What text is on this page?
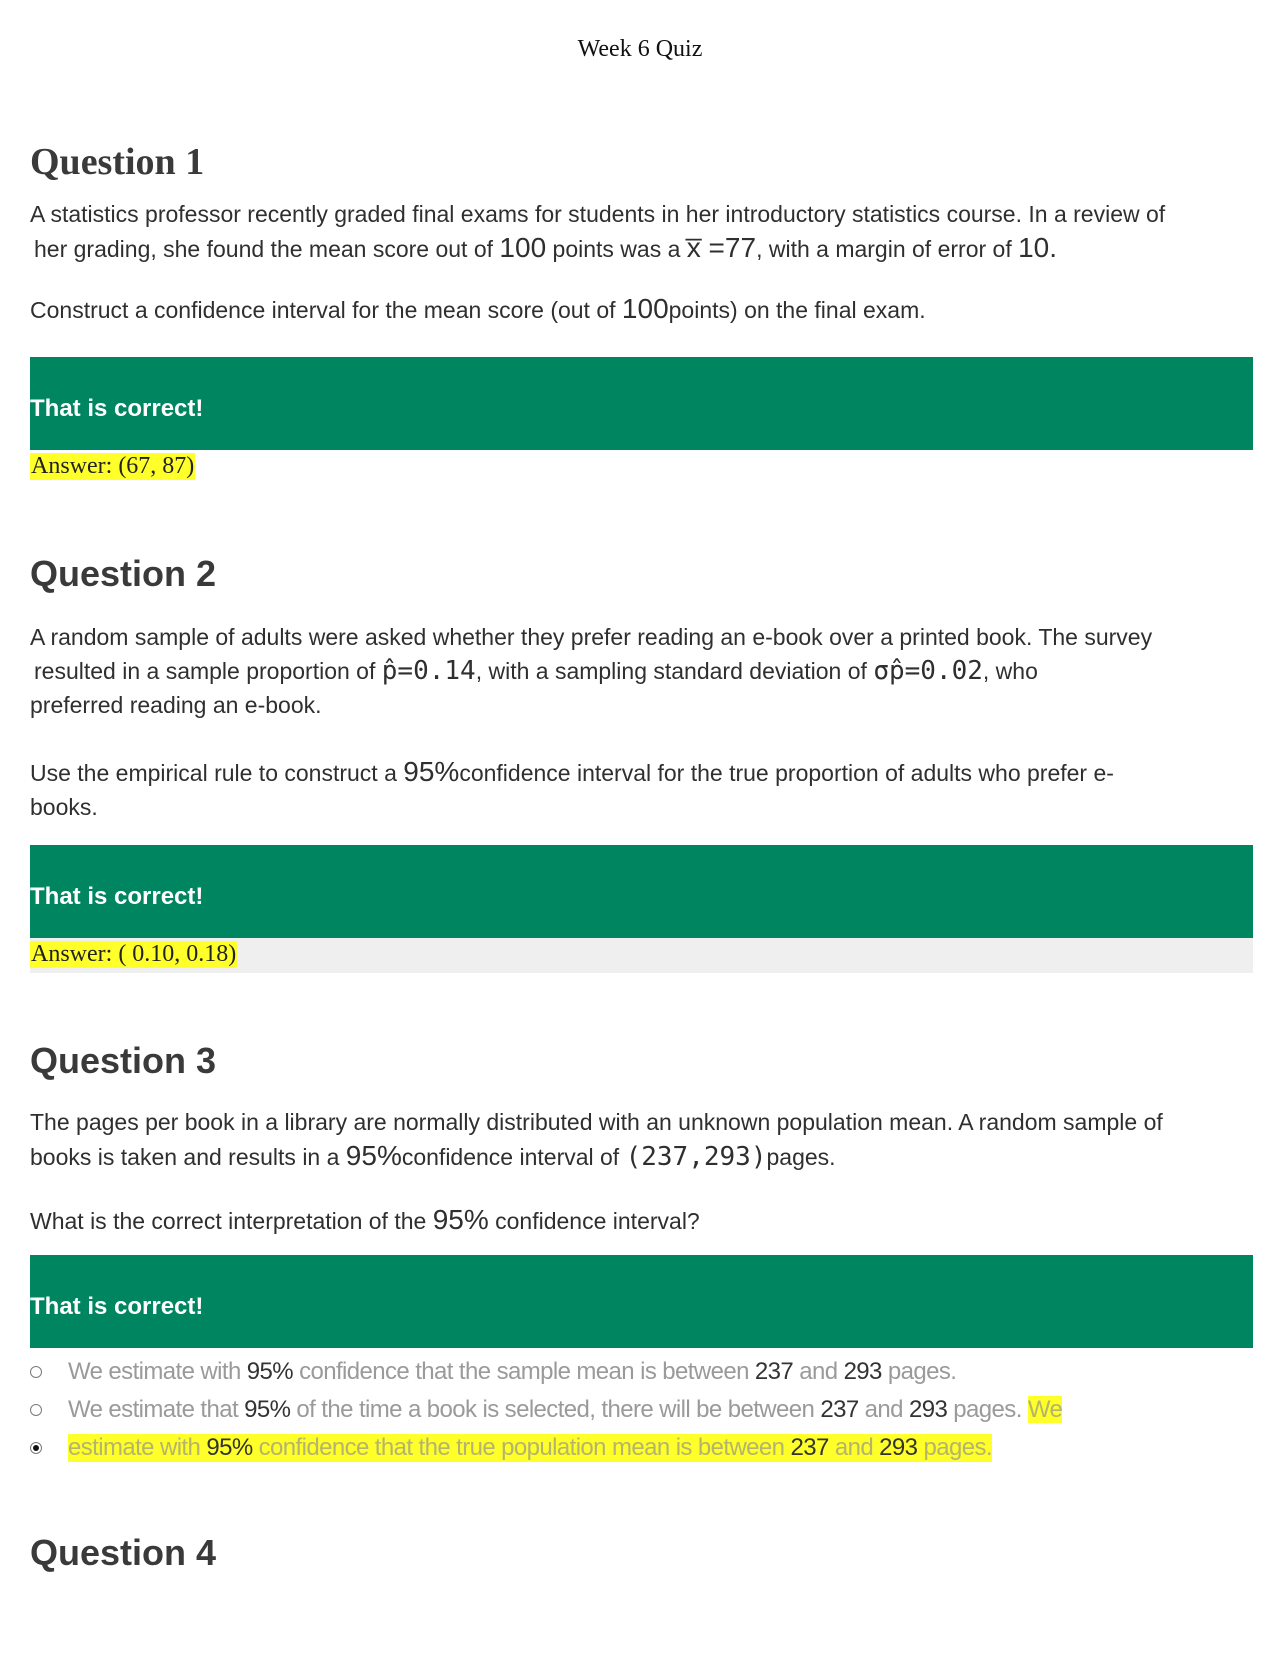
Week 6 Quiz
Question 1

A statistics professor recently graded final exams for students in her introductory statistics course. In a review of
her grading, she found the mean score out of 100 points was a x̅ =77, with a margin of error of 10.

Construct a confidence interval for the mean score (out of 100points) on the final exam.

That is correct!
Answer: (67, 87)
Question 2

A random sample of adults were asked whether they prefer reading an e-book over a printed book. The survey
resulted in a sample proportion of p̂=0.14, with a sampling standard deviation of σp̂=0.02, who
preferred reading an e-book.

Use the empirical rule to construct a 95%confidence interval for the true proportion of adults who prefer e-
books.

That is correct!
Answer: ( 0.10, 0.18)
Question 3

The pages per book in a library are normally distributed with an unknown population mean. A random sample of
books is taken and results in a 95%confidence interval of (237,293)pages.

What is the correct interpretation of the 95% confidence interval?

That is correct!
We estimate with 95% confidence that the sample mean is between 237 and 293 pages.
We estimate that 95% of the time a book is selected, there will be between 237 and 293 pages. We
estimate with 95% confidence that the true population mean is between 237 and 293 pages.
Question 4
